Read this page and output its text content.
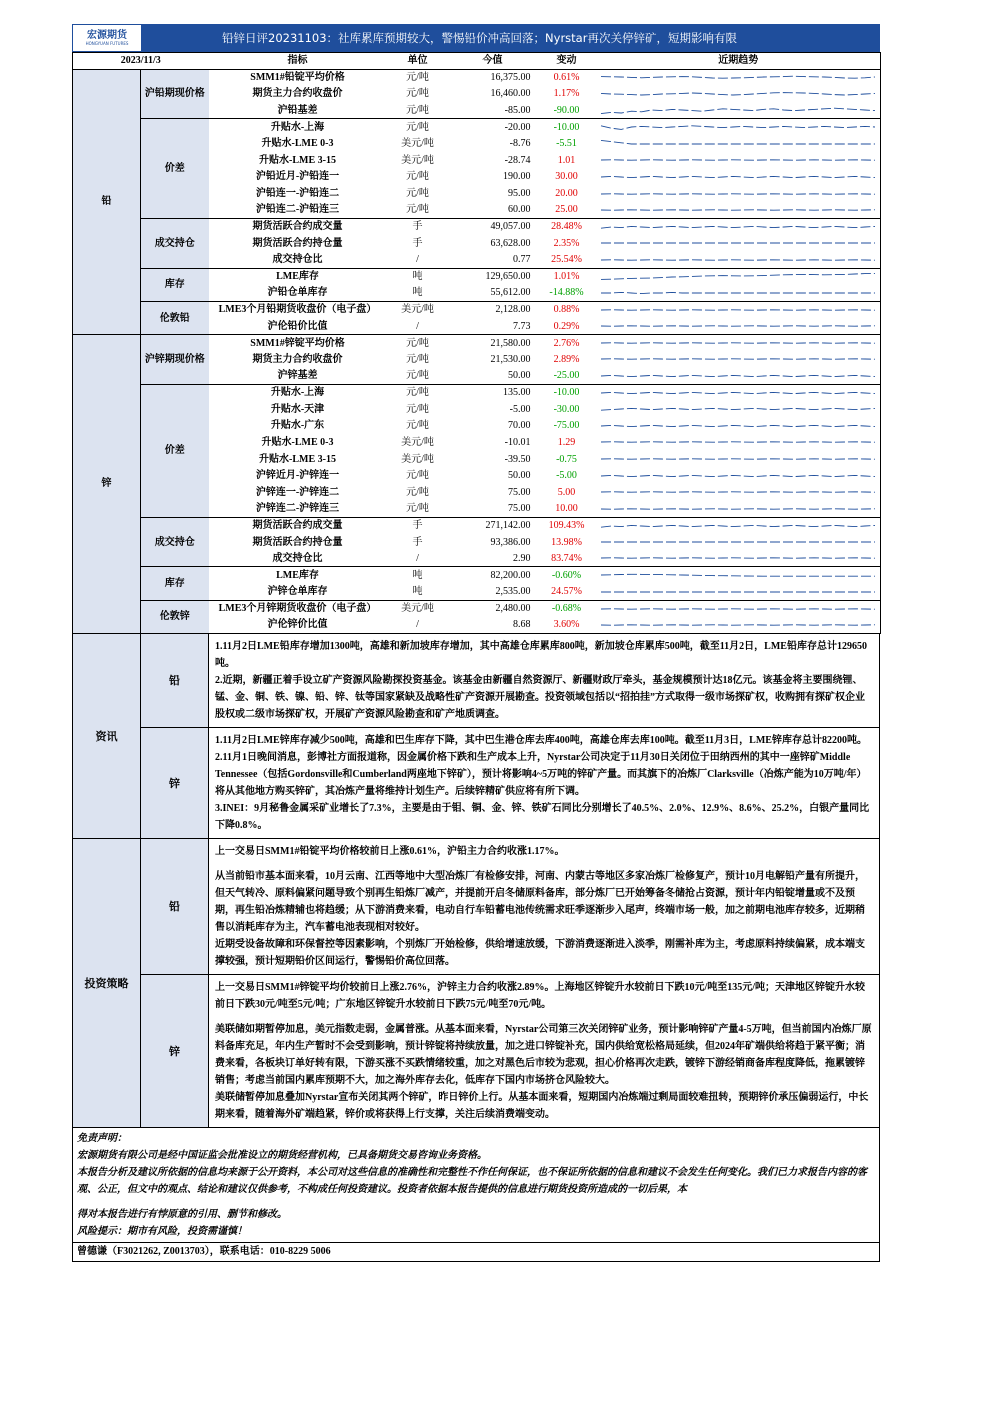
宏源期货
HONGYUAN FUTURES	铅锌日评20231103：社库累库预期较大，警惕铅价冲高回落；Nyrstar再次关停锌矿，短期影响有限
2023/11/3		指标	单位	今值	变动	近期趋势
铅	沪铅期现价格	SMM1#铅锭平均价格	元/吨	16,375.00	0.61%	

		期货主力合约收盘价	元/吨	16,460.00	1.17%	

		沪铅基差	元/吨	-85.00	-90.00	

	价差	升贴水-上海	元/吨	-20.00	-10.00	

		升贴水-LME 0-3	美元/吨	-8.76	-5.51	

		升贴水-LME 3-15	美元/吨	-28.74	1.01	

		沪铅近月-沪铅连一	元/吨	190.00	30.00	

		沪铅连一-沪铅连二	元/吨	95.00	20.00	

		沪铅连二-沪铅连三	元/吨	60.00	25.00	

	成交持仓	期货活跃合约成交量	手	49,057.00	28.48%	

		期货活跃合约持仓量	手	63,628.00	2.35%	

		成交持仓比	/	0.77	25.54%	

	库存	LME库存	吨	129,650.00	1.01%	

		沪铅仓单库存	吨	55,612.00	-14.88%	

	伦敦铅	LME3个月铅期货收盘价（电子盘）	美元/吨	2,128.00	0.88%	

		沪伦铅价比值	/	7.73	0.29%	

锌	沪锌期现价格	SMM1#锌锭平均价格	元/吨	21,580.00	2.76%	

		期货主力合约收盘价	元/吨	21,530.00	2.89%	

		沪锌基差	元/吨	50.00	-25.00	

	价差	升贴水-上海	元/吨	135.00	-10.00	

		升贴水-天津	元/吨	-5.00	-30.00	

		升贴水-广东	元/吨	70.00	-75.00	

		升贴水-LME 0-3	美元/吨	-10.01	1.29	

		升贴水-LME 3-15	美元/吨	-39.50	-0.75	

		沪锌近月-沪锌连一	元/吨	50.00	-5.00	

		沪锌连一-沪锌连二	元/吨	75.00	5.00	

		沪锌连二-沪锌连三	元/吨	75.00	10.00	

	成交持仓	期货活跃合约成交量	手	271,142.00	109.43%	

		期货活跃合约持仓量	手	93,386.00	13.98%	

		成交持仓比	/	2.90	83.74%	

	库存	LME库存	吨	82,200.00	-0.60%	

		沪锌仓单库存	吨	2,535.00	24.57%	

	伦敦锌	LME3个月锌期货收盘价（电子盘）	美元/吨	2,480.00	-0.68%	

		沪伦锌价比值	/	8.68	3.60%	
资讯
铅

1.11月2日LME铅库存增加1300吨，高雄和新加坡库存增加，其中高雄仓库累库800吨，新加坡仓库累库500吨，截至11月2日，LME铅库存总计129650吨。

2.近期，新疆正着手设立矿产资源风险勘探投资基金。该基金由新疆自然资源厅、新疆财政厅牵头，基金规模预计达18亿元。该基金将主要围绕锂、锰、金、铜、铁、镍、铅、锌、钛等国家紧缺及战略性矿产资源开展勘查。投资领域包括以“招拍挂”方式取得一级市场探矿权，收购拥有探矿权企业股权或二级市场探矿权，开展矿产资源风险勘查和矿产地质调查。

锌

1.11月2日LME锌库存减少500吨，高雄和巴生库存下降，其中巴生港仓库去库400吨，高雄仓库去库100吨。截至11月3日，LME锌库存总计82200吨。

2.11月1日晚间消息，彭博社方面报道称，因金属价格下跌和生产成本上升，Nyrstar公司决定于11月30日关闭位于田纳西州的其中一座锌矿Middle Tennessee（包括Gordonsville和Cumberland两座地下锌矿），预计将影响4~5万吨的锌矿产量。而其旗下的冶炼厂Clarksville（冶炼产能为10万吨/年）将从其他地方购买锌矿，其冶炼产量将维持计划生产。后续锌精矿供应将有所下调。

3.INEI：9月秘鲁金属采矿业增长了7.3%，主要是由于钼、铜、金、锌、铁矿石同比分别增长了40.5%、2.0%、12.9%、8.6%、25.2%，白银产量同比下降0.8%。

投资策略
铅

上一交易日SMM1#铅锭平均价格较前日上涨0.61%，沪铅主力合约收涨1.17%。

从当前铅市基本面来看，10月云南、江西等地中大型冶炼厂有检修安排，河南、内蒙古等地区多家冶炼厂检修复产，预计10月电解铅产量有所提升，但天气转冷、原料偏紧问题导致个别再生铅炼厂减产，并提前开启冬储原料备库，部分炼厂已开始筹备冬储抢占资源，预计年内铅锭增量或不及预期，再生铅冶炼精辅也将趋缓；从下游消费来看，电动自行车铅蓄电池传统需求旺季逐渐步入尾声，终端市场一般，加之前期电池库存较多，近期稍售以消耗库存为主，汽车蓄电池表现相对较好。

近期受设备故障和环保督控等因素影响，个别炼厂开始检修，供给增速放缓，下游消费逐渐进入淡季，刚需补库为主，考虑原料持续偏紧，成本端支撑较强，预计短期铅价区间运行，警惕铅价高位回落。

锌

上一交易日SMM1#锌锭平均价较前日上涨2.76%，沪锌主力合约收涨2.89%。上海地区锌锭升水较前日下跌10元/吨至135元/吨；天津地区锌锭升水较前日下跌30元/吨至5元/吨；广东地区锌锭升水较前日下跌75元/吨至70元/吨。

美联储如期暂停加息，美元指数走弱，金属普涨。从基本面来看，Nyrstar公司第三次关闭锌矿业务，预计影响锌矿产量4-5万吨，但当前国内冶炼厂原料备库充足，年内生产暂时不会受到影响，预计锌锭将持续放量，加之进口锌锭补充，国内供给宽松格局延续，但2024年矿端供给将趋于紧平衡；消费来看，各板块订单好转有限，下游买涨不买跌情绪较重，加之对黑色后市较为悲观，担心价格再次走跌，镀锌下游经销商备库程度降低，拖累镀锌销售；考虑当前国内累库预期不大，加之海外库存去化，低库存下国内市场挤仓风险较大。

美联储暂停加息叠加Nyrstar宣布关闭其两个锌矿，昨日锌价上行。从基本面来看，短期国内冶炼端过剩局面较难扭转，预期锌价承压偏弱运行，中长期来看，随着海外矿端趋紧，锌价或将获得上行支撑，关注后续消费端变动。

免责声明：
宏源期货有限公司是经中国证监会批准设立的期货经营机构，已具备期货交易咨询业务资格。
本报告分析及建议所依据的信息均来源于公开资料，本公司对这些信息的准确性和完整性不作任何保证，也不保证所依据的信息和建议不会发生任何变化。我们已力求报告内容的客观、公正，但文中的观点、结论和建议仅供参考，不构成任何投资建议。投资者依据本报告提供的信息进行期货投资所造成的一切后果，本
得对本报告进行有悖原意的引用、删节和修改。
风险提示：期市有风险，投资需谨慎！
曾德谦（F3021262, Z0013703），联系电话：010-8229 5006
